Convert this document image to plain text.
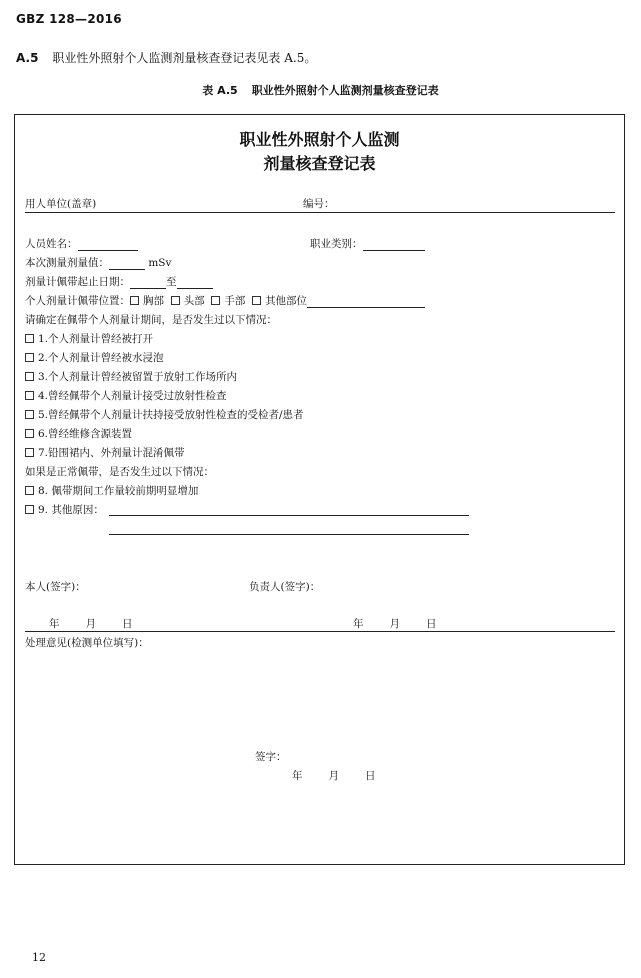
GBZ 128—2016
A.5 职业性外照射个人监测剂量核查登记表见表 A.5。
表 A.5 职业性外照射个人监测剂量核查登记表
职业性外照射个人监测
剂量核查登记表
用人单位(盖章)	编号：
人员姓名：	职业类别：
本次测量剂量值：	mSv
剂量计佩带起止日期：	至
个人剂量计佩带位置： 胸部 头部 手部 其他部位
请确定在佩带个人剂量计期间，是否发生过以下情况：
1.个人剂量计曾经被打开
2.个人剂量计曾经被水浸泡
3.个人剂量计曾经被留置于放射工作场所内
4.曾经佩带个人剂量计接受过放射性检查
5.曾经佩带个人剂量计扶持接受放射性检查的受检者/患者
6.曾经维修含源装置
7.铅围裙内、外剂量计混淆佩带
如果是正常佩带，是否发生过以下情况：
8. 佩带期间工作量较前期明显增加
9. 其他原因：
本人(签字)：	负责人(签字)：
年 月 日	年 月 日
处理意见(检测单位填写)：
签字：
年 月 日
12
